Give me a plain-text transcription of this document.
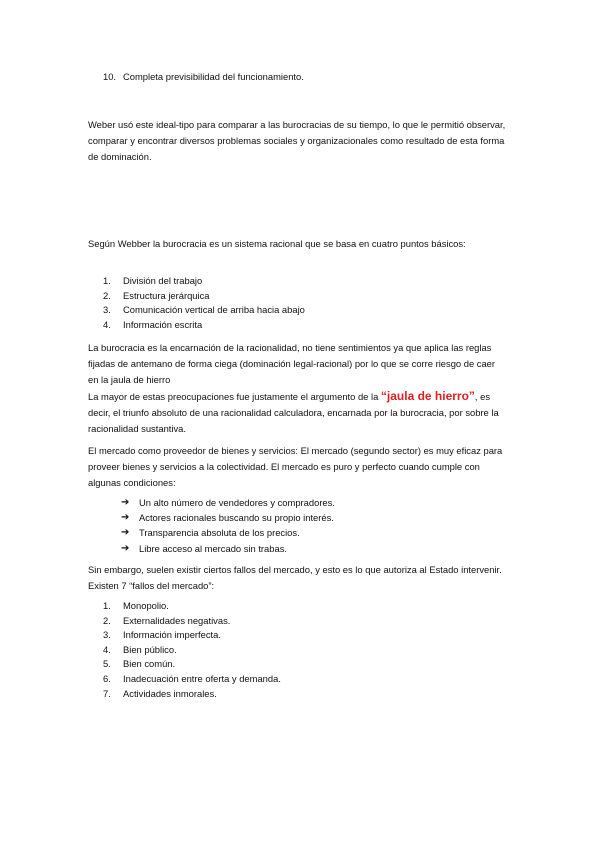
10. Completa previsibilidad del funcionamiento.

Weber usó este ideal-tipo para comparar a las burocracias de su tiempo, lo que le permitió observar, comparar y encontrar diversos problemas sociales y organizacionales como resultado de esta forma de dominación.

Según Webber la burocracia es un sistema racional que se basa en cuatro puntos básicos:

1.	División del trabajo
2.	Estructura jerárquica
3.	Comunicación vertical de arriba hacia abajo
4.	Información escrita

La burocracia es la encarnación de la racionalidad, no tiene sentimientos ya que aplica las reglas fijadas de antemano de forma ciega (dominación legal-racional) por lo que se corre riesgo de caer en la jaula de hierro

La mayor de estas preocupaciones fue justamente el argumento de la “jaula de hierro”, es decir, el triunfo absoluto de una racionalidad calculadora, encarnada por la burocracia, por sobre la racionalidad sustantiva.

El mercado como proveedor de bienes y servicios: El mercado (segundo sector) es muy eficaz para proveer bienes y servicios a la colectividad. El mercado es puro y perfecto cuando cumple con algunas condiciones:

➔	Un alto número de vendedores y compradores.
➔	Actores racionales buscando su propio interés.
➔	Transparencia absoluta de los precios.
➔	Libre acceso al mercado sin trabas.

Sin embargo, suelen existir ciertos fallos del mercado, y esto es lo que autoriza al Estado intervenir. Existen 7 “fallos del mercado”:

1.	Monopolio.
2.	Externalidades negativas.
3.	Información imperfecta.
4.	Bien público.
5.	Bien común.
6.	Inadecuación entre oferta y demanda.
7.	Actividades inmorales.
